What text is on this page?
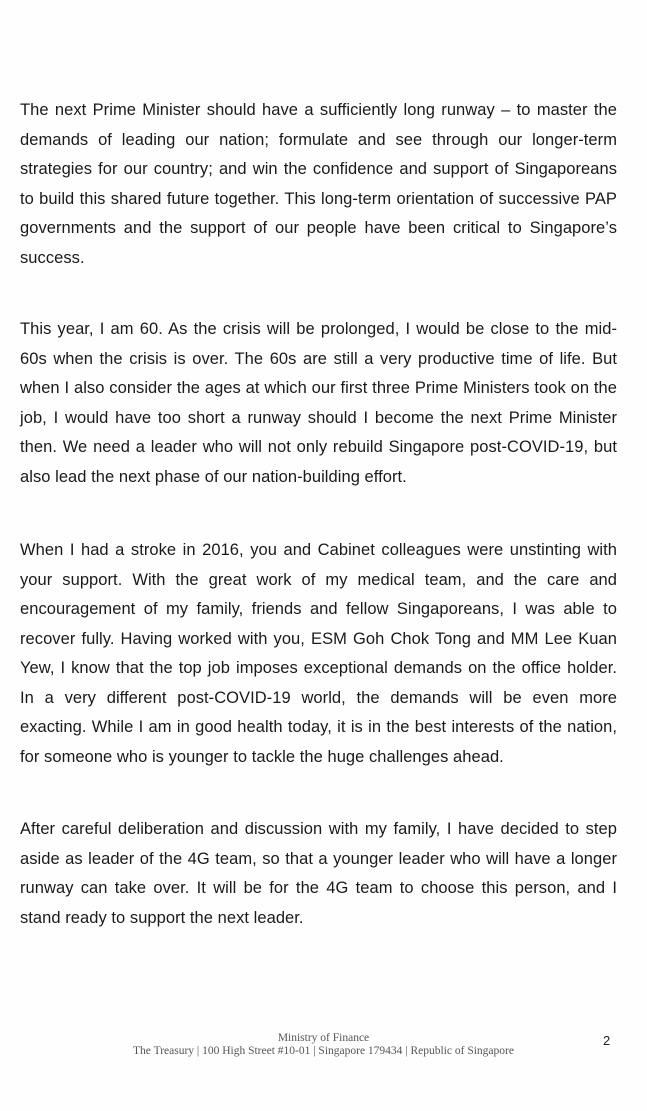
The next Prime Minister should have a sufficiently long runway – to master the demands of leading our nation; formulate and see through our longer-term strategies for our country; and win the confidence and support of Singaporeans to build this shared future together. This long-term orientation of successive PAP governments and the support of our people have been critical to Singapore’s success.

This year, I am 60. As the crisis will be prolonged, I would be close to the mid-60s when the crisis is over. The 60s are still a very productive time of life. But when I also consider the ages at which our first three Prime Ministers took on the job, I would have too short a runway should I become the next Prime Minister then. We need a leader who will not only rebuild Singapore post-COVID-19, but also lead the next phase of our nation-building effort.

When I had a stroke in 2016, you and Cabinet colleagues were unstinting with your support. With the great work of my medical team, and the care and encouragement of my family, friends and fellow Singaporeans, I was able to recover fully. Having worked with you, ESM Goh Chok Tong and MM Lee Kuan Yew, I know that the top job imposes exceptional demands on the office holder. In a very different post-COVID-19 world, the demands will be even more exacting. While I am in good health today, it is in the best interests of the nation, for someone who is younger to tackle the huge challenges ahead.

After careful deliberation and discussion with my family, I have decided to step aside as leader of the 4G team, so that a younger leader who will have a longer runway can take over. It will be for the 4G team to choose this person, and I stand ready to support the next leader.

Ministry of Finance
The Treasury | 100 High Street #10-01 | Singapore 179434 | Republic of Singapore
2
